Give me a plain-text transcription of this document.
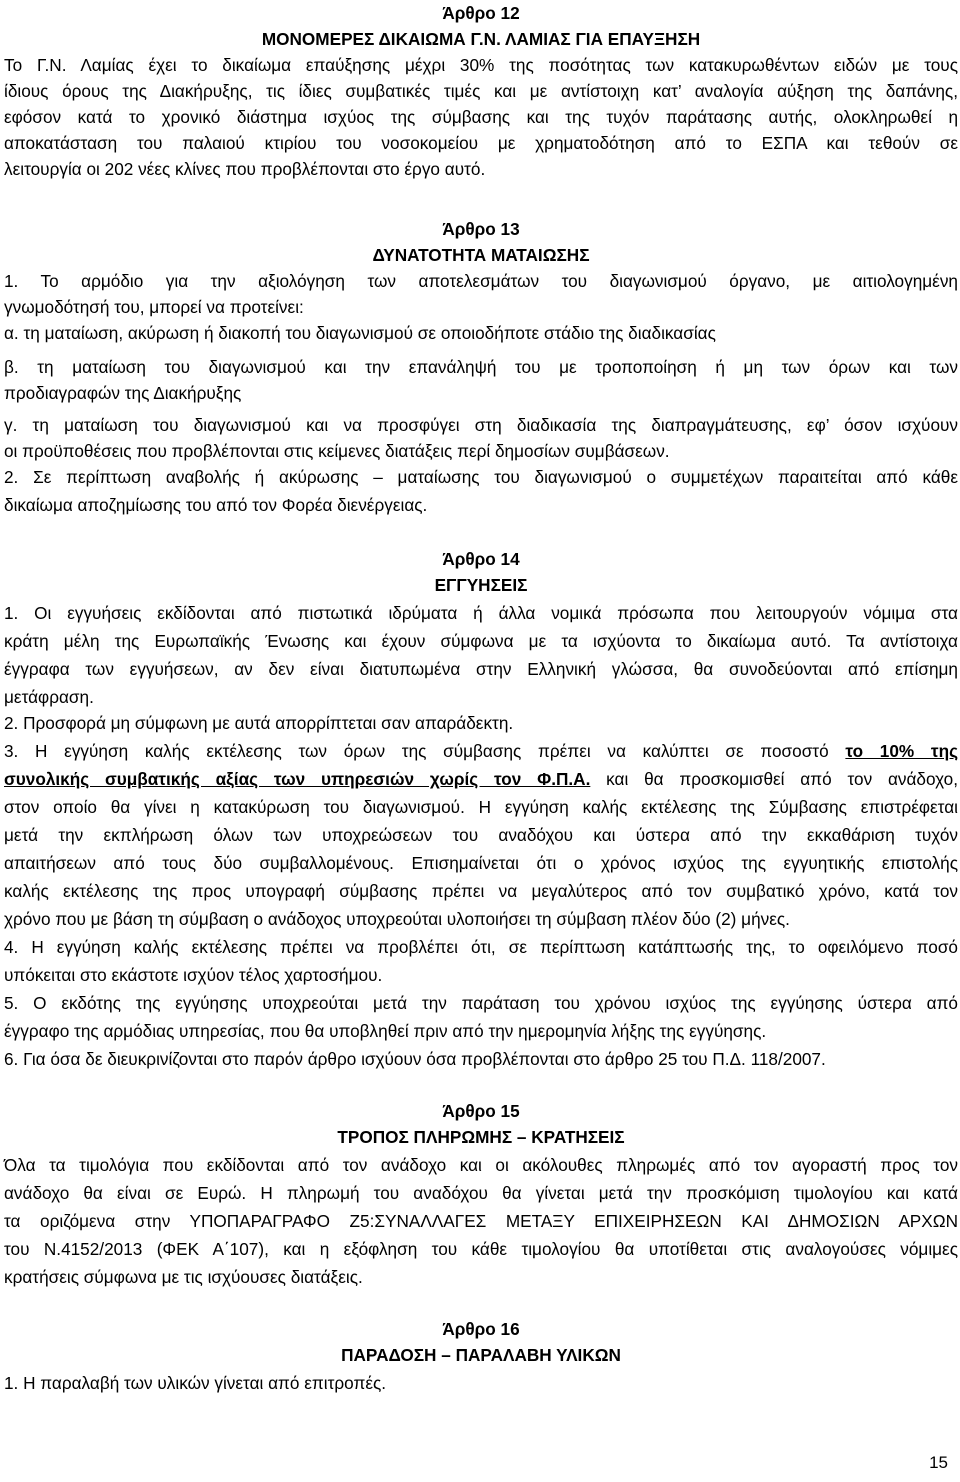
Άρθρο 12

ΜΟΝΟΜΕΡΕΣ ΔΙΚΑΙΩΜΑ Γ.Ν. ΛΑΜΙΑΣ ΓΙΑ ΕΠΑΥΞΗΣΗ

Το Γ.Ν. Λαμίας έχει το δικαίωμα επαύξησης μέχρι 30% της ποσότητας των κατακυρωθέντων ειδών με τους

ίδιους όρους της Διακήρυξης, τις ίδιες συμβατικές τιμές και με αντίστοιχη κατ’ αναλογία αύξηση της δαπάνης,

εφόσον κατά το χρονικό διάστημα ισχύος της σύμβασης και της τυχόν παράτασης αυτής, ολοκληρωθεί η

αποκατάσταση του παλαιού κτιρίου του νοσοκομείου με χρηματοδότηση από το ΕΣΠΑ και τεθούν σε

λειτουργία οι 202 νέες κλίνες που προβλέπονται στο έργο αυτό.

Άρθρο 13

ΔΥΝΑΤΟΤΗΤΑ ΜΑΤΑΙΩΣΗΣ

1. Το αρμόδιο για την αξιολόγηση των αποτελεσμάτων του διαγωνισμού όργανο, με αιτιολογημένη

γνωμοδότησή του, μπορεί να προτείνει:

α. τη ματαίωση, ακύρωση ή διακοπή του διαγωνισμού σε οποιοδήποτε στάδιο της διαδικασίας

β. τη ματαίωση του διαγωνισμού και την επανάληψή του με τροποποίηση ή μη των όρων και των

προδιαγραφών της Διακήρυξης

γ. τη ματαίωση του διαγωνισμού και να προσφύγει στη διαδικασία της διαπραγμάτευσης, εφ’ όσον ισχύουν

οι προϋποθέσεις που προβλέπονται στις κείμενες διατάξεις περί δημοσίων συμβάσεων.

2. Σε περίπτωση αναβολής ή ακύρωσης – ματαίωσης του διαγωνισμού ο συμμετέχων παραιτείται από κάθε

δικαίωμα αποζημίωσης του από τον Φορέα διενέργειας.

Άρθρο 14

ΕΓΓΥΗΣΕΙΣ

1. Οι εγγυήσεις εκδίδονται από πιστωτικά ιδρύματα ή άλλα νομικά πρόσωπα που λειτουργούν νόμιμα στα

κράτη μέλη της Ευρωπαϊκής Ένωσης και έχουν σύμφωνα με τα ισχύοντα το δικαίωμα αυτό. Τα αντίστοιχα

έγγραφα των εγγυήσεων, αν δεν είναι διατυπωμένα στην Ελληνική γλώσσα, θα συνοδεύονται από επίσημη

μετάφραση.

2. Προσφορά μη σύμφωνη με αυτά απορρίπτεται σαν απαράδεκτη.

3. Η εγγύηση καλής εκτέλεσης των όρων της σύμβασης πρέπει να καλύπτει σε ποσοστό το 10% της

συνολικής συμβατικής αξίας των υπηρεσιών χωρίς τον Φ.Π.Α. και θα προσκομισθεί από τον ανάδοχο,

στον οποίο θα γίνει η κατακύρωση του διαγωνισμού. Η εγγύηση καλής εκτέλεσης της Σύμβασης επιστρέφεται

μετά την εκπλήρωση όλων των υποχρεώσεων του αναδόχου και ύστερα από την εκκαθάριση τυχόν

απαιτήσεων από τους δύο συμβαλλομένους. Επισημαίνεται ότι ο χρόνος ισχύος της εγγυητικής επιστολής

καλής εκτέλεσης της προς υπογραφή σύμβασης πρέπει να μεγαλύτερος από τον συμβατικό χρόνο, κατά τον

χρόνο που με βάση τη σύμβαση ο ανάδοχος υποχρεούται υλοποιήσει τη σύμβαση πλέον δύο (2) μήνες.

4. Η εγγύηση καλής εκτέλεσης πρέπει να προβλέπει ότι, σε περίπτωση κατάπτωσής της, το οφειλόμενο ποσό

υπόκειται στο εκάστοτε ισχύον τέλος χαρτοσήμου.

5. Ο εκδότης της εγγύησης υποχρεούται μετά την παράταση του χρόνου ισχύος της εγγύησης ύστερα από

έγγραφο της αρμόδιας υπηρεσίας, που θα υποβληθεί πριν από την ημερομηνία λήξης της εγγύησης.

6. Για όσα δε διευκρινίζονται στο παρόν άρθρο ισχύουν όσα προβλέπονται στο άρθρο 25 του Π.Δ. 118/2007.

Άρθρο 15

ΤΡΟΠΟΣ ΠΛΗΡΩΜΗΣ – ΚΡΑΤΗΣΕΙΣ

Όλα τα τιμολόγια που εκδίδονται από τον ανάδοχο και οι ακόλουθες πληρωμές από τον αγοραστή προς τον

ανάδοχο θα είναι σε Ευρώ. Η πληρωμή του αναδόχου θα γίνεται μετά την προσκόμιση τιμολογίου και κατά

τα οριζόμενα στην ΥΠΟΠΑΡΑΓΡΑΦΟ Ζ5:ΣΥΝΑΛΛΑΓΕΣ ΜΕΤΑΞΥ ΕΠΙΧΕΙΡΗΣΕΩΝ ΚΑΙ ΔΗΜΟΣΙΩΝ ΑΡΧΩΝ

του Ν.4152/2013 (ΦΕΚ Α΄107), και η εξόφληση του κάθε τιμολογίου θα υποτίθεται στις αναλογούσες νόμιμες

κρατήσεις σύμφωνα με τις ισχύουσες διατάξεις.

Άρθρο 16

ΠΑΡΑΔΟΣΗ – ΠΑΡΑΛΑΒΗ ΥΛΙΚΩΝ

1. Η παραλαβή των υλικών γίνεται από επιτροπές.

15
